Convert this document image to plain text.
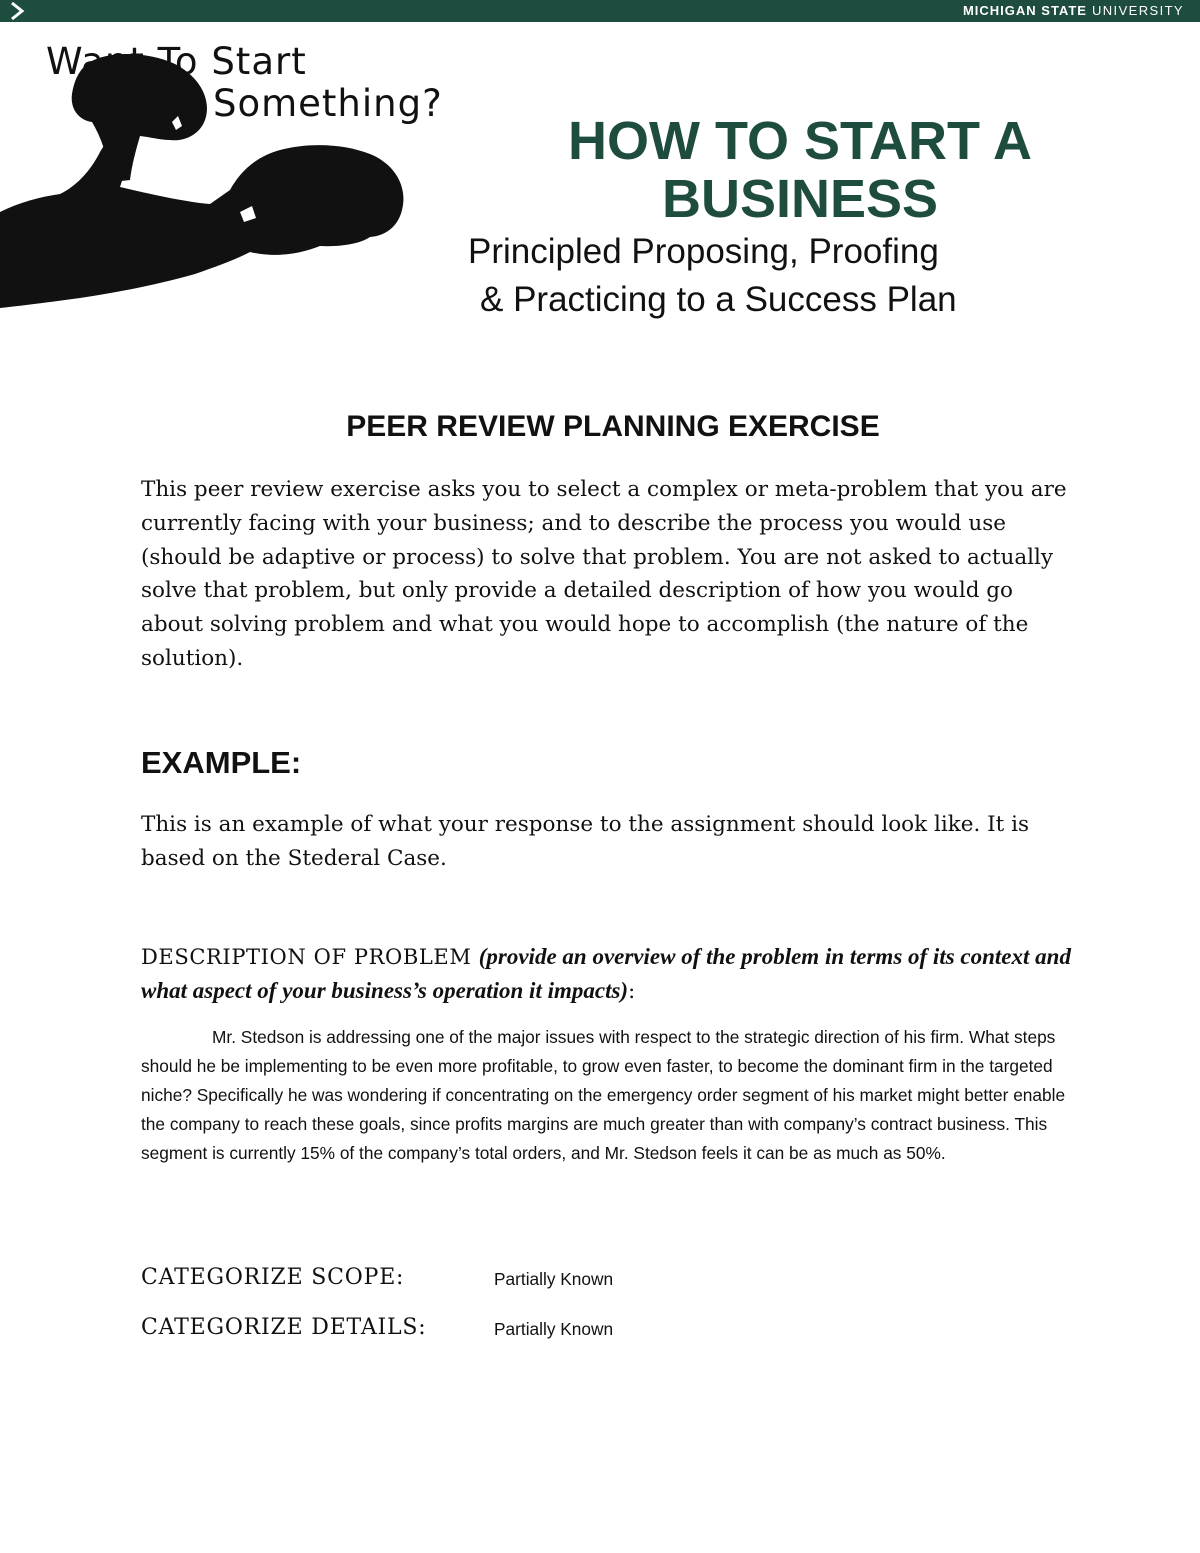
MICHIGAN STATE UNIVERSITY
Want To Start
Something?
HOW TO START A
BUSINESS
Principled Proposing, Proofing
& Practicing to a Success Plan
PEER REVIEW PLANNING EXERCISE
This peer review exercise asks you to select a complex or meta-problem that you are currently facing with your business; and to describe the process you would use (should be adaptive or process) to solve that problem. You are not asked to actually solve that problem, but only provide a detailed description of how you would go about solving problem and what you would hope to accomplish (the nature of the solution).
EXAMPLE:
This is an example of what your response to the assignment should look like. It is based on the Stederal Case.
DESCRIPTION OF PROBLEM (provide an overview of the problem in terms of its context and what aspect of your business’s operation it impacts):
Mr. Stedson is addressing one of the major issues with respect to the strategic direction of his firm. What steps should he be implementing to be even more profitable, to grow even faster, to become the dominant firm in the targeted niche? Specifically he was wondering if concentrating on the emergency order segment of his market might better enable the company to reach these goals, since profits margins are much greater than with company’s contract business. This segment is currently 15% of the company’s total orders, and Mr. Stedson feels it can be as much as 50%.
CATEGORIZE SCOPE:	Partially Known
CATEGORIZE DETAILS:	Partially Known
